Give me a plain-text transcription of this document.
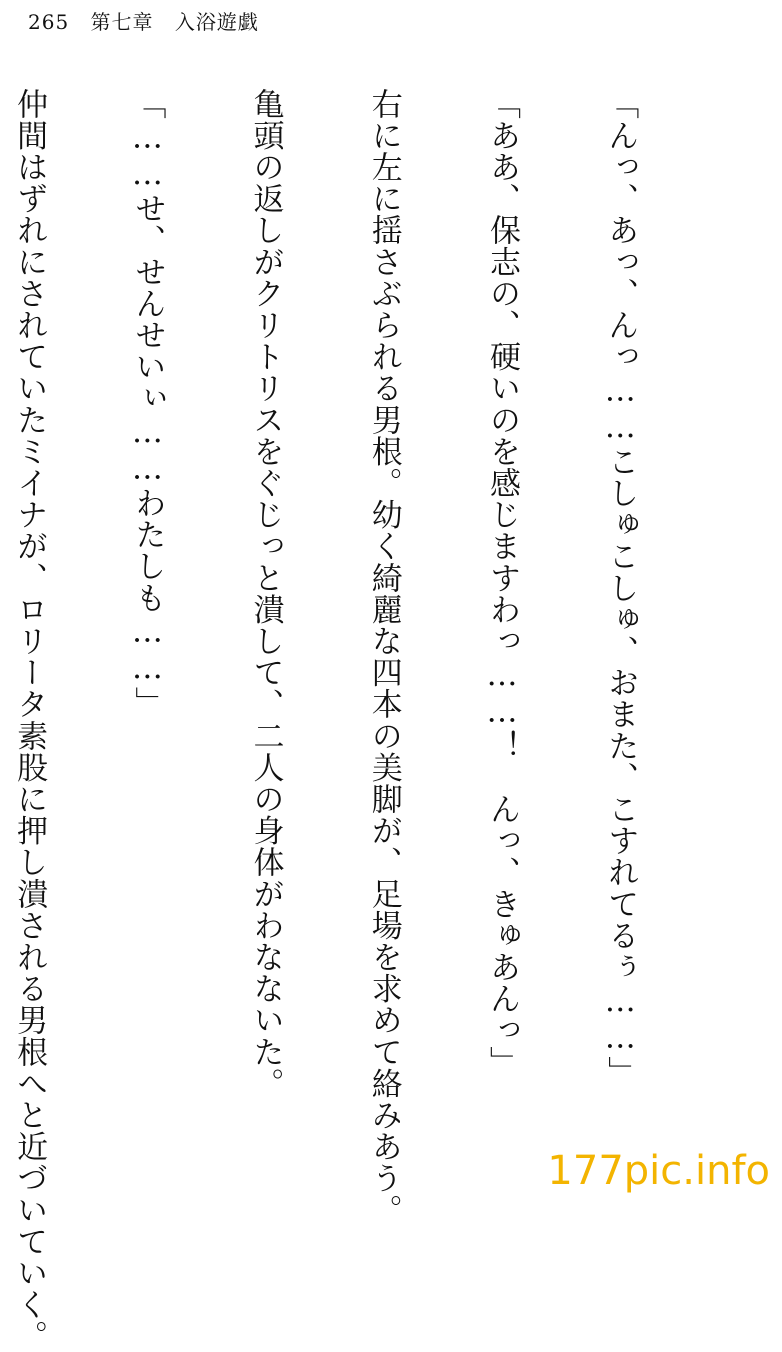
265 第七章 入浴遊戯

「んっ、あっ、んっ……こしゅこしゅ、おまた、こすれてるぅ……」

「ああ、保志の、硬いのを感じますわっ……！　んっ、きゅあんっ」

右に左に揺さぶられる男根。幼く綺麗な四本の美脚が、足場を求めて絡みあう。

亀頭の返しがクリトリスをぐじっと潰して、二人の身体がわなないた。

「……せ、せんせいぃ……わたしも……」

仲間はずれにされていたミイナが、ロリータ素股に押し潰される男根へと近づいていく。

	177pic.info
